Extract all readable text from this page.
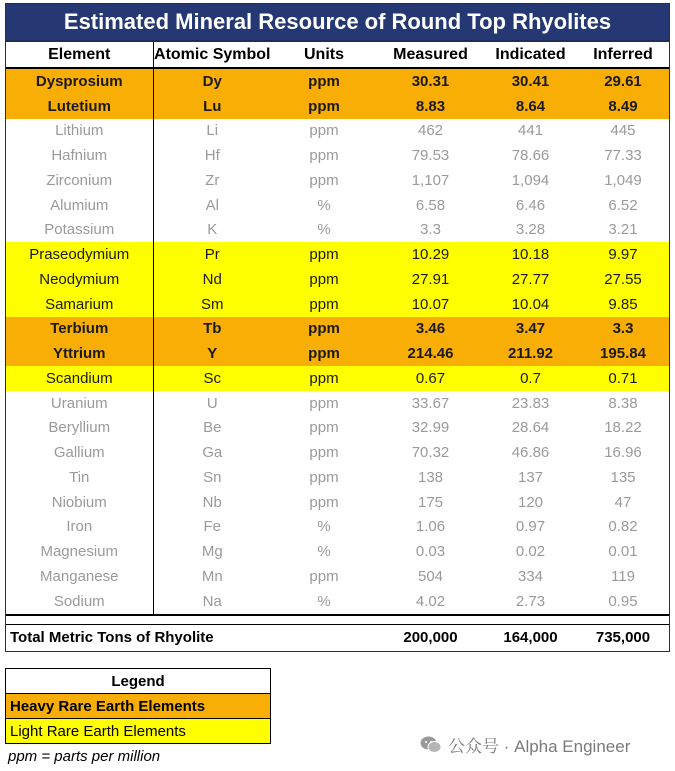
Estimated Mineral Resource of Round Top Rhyolites
Element	Atomic Symbol	Units	Measured	Indicated	Inferred
Dysprosium	Dy	ppm	30.31	30.41	29.61
Lutetium	Lu	ppm	8.83	8.64	8.49
Lithium	Li	ppm	462	441	445
Hafnium	Hf	ppm	79.53	78.66	77.33
Zirconium	Zr	ppm	1,107	1,094	1,049
Alumium	Al	%	6.58	6.46	6.52
Potassium	K	%	3.3	3.28	3.21
Praseodymium	Pr	ppm	10.29	10.18	9.97
Neodymium	Nd	ppm	27.91	27.77	27.55
Samarium	Sm	ppm	10.07	10.04	9.85
Terbium	Tb	ppm	3.46	3.47	3.3
Yttrium	Y	ppm	214.46	211.92	195.84
Scandium	Sc	ppm	0.67	0.7	0.71
Uranium	U	ppm	33.67	23.83	8.38
Beryllium	Be	ppm	32.99	28.64	18.22
Gallium	Ga	ppm	70.32	46.86	16.96
Tin	Sn	ppm	138	137	135
Niobium	Nb	ppm	175	120	47
Iron	Fe	%	1.06	0.97	0.82
Magnesium	Mg	%	0.03	0.02	0.01
Manganese	Mn	ppm	504	334	119
Sodium	Na	%	4.02	2.73	0.95

Total Metric Tons of Rhyolite			200,000	164,000	735,000
Legend
Heavy Rare Earth Elements
Light Rare Earth Elements
ppm = parts per million
公众号 · Alpha Engineer
